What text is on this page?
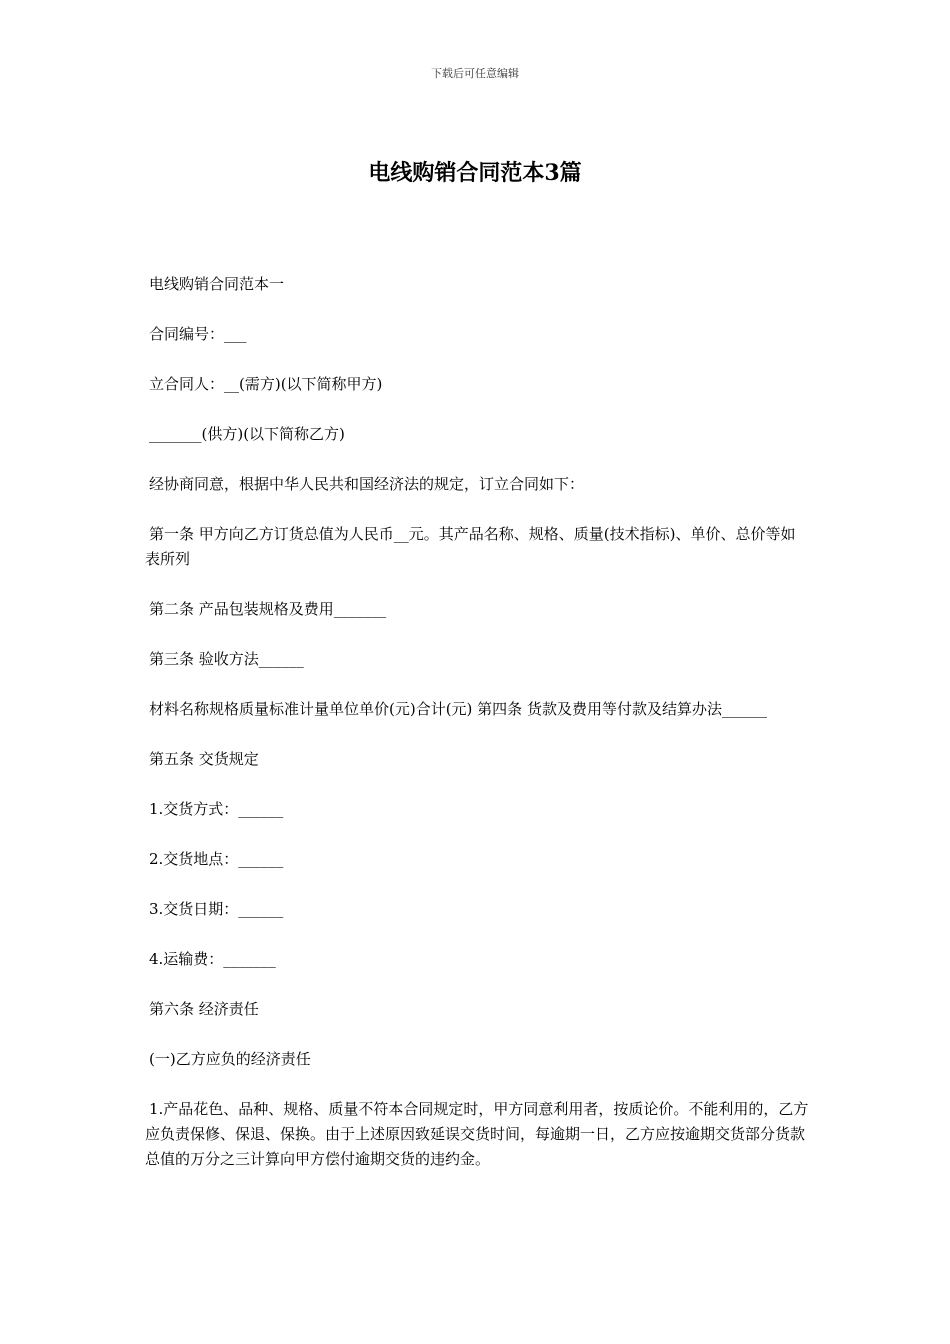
下载后可任意编辑
电线购销合同范本3篇

电线购销合同范本一

合同编号：___

立合同人：__(需方)(以下简称甲方)

_______(供方)(以下简称乙方)

经协商同意，根据中华人民共和国经济法的规定，订立合同如下：

第一条 甲方向乙方订货总值为人民币__元。其产品名称、规格、质量(技术指标)、单价、总价等如表所列

第二条 产品包装规格及费用_______

第三条 验收方法______

材料名称规格质量标准计量单位单价(元)合计(元) 第四条 货款及费用等付款及结算办法______

第五条 交货规定

1.交货方式：______

2.交货地点：______

3.交货日期：______

4.运输费：_______

第六条 经济责任

(一)乙方应负的经济责任

1.产品花色、品种、规格、质量不符本合同规定时，甲方同意利用者，按质论价。不能利用的，乙方应负责保修、保退、保换。由于上述原因致延误交货时间，每逾期一日，乙方应按逾期交货部分货款总值的万分之三计算向甲方偿付逾期交货的违约金。
